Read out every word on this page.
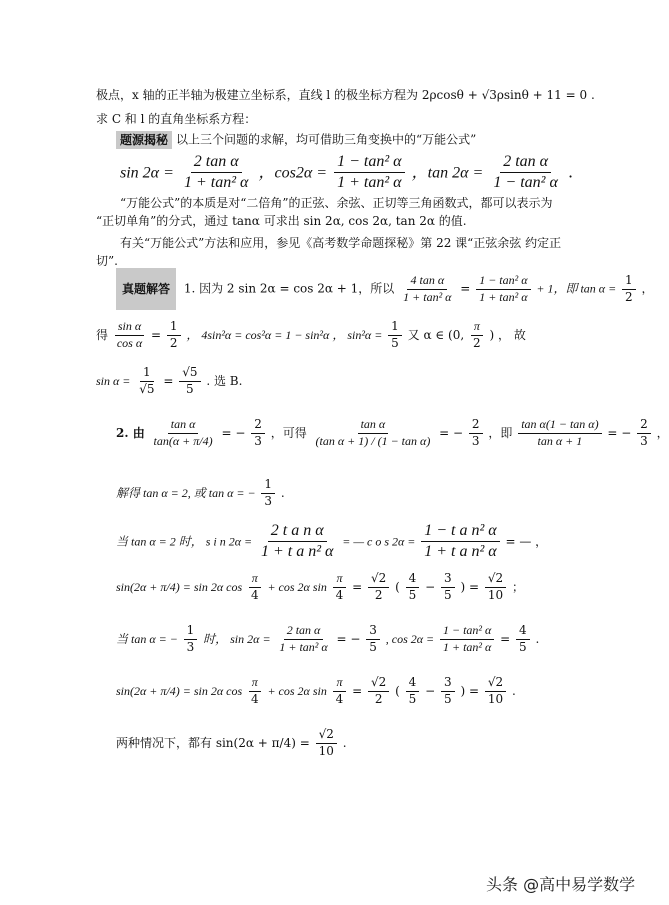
极点，x 轴的正半轴为极建立坐标系，直线 l 的极坐标方程为 2ρcosθ + √3ρsinθ + 11 = 0 .
求 C 和 l 的直角坐标系方程：
题源揭秘 以上三个问题的求解，均可借助三角变换中的“万能公式”
$\sin 2\alpha = \frac{\text{2 tan α}}{\text{1 + tan² α}}$ ，$\cos 2\alpha = \frac{\text{1 − tan² α}}{\text{1 + tan² α}}$ ，$\tan 2\alpha = \frac{\text{2 tan α}}{\text{1 − tan² α}}$ .
“万能公式”的本质是对“二倍角”的正弦、余弦、正切等三角函数式，都可以表示为
“正切单角”的分式，通过 tanα 可求出 sin 2α, cos 2α, tan 2α 的值.
有关“万能公式”方法和应用，参见《高考数学命题探秘》第 22 课“正弦余弦 约定正
切”.
真题解答 1. 因为 2 sin 2α = cos 2α + 1，所以 $\frac{\text{4 tan α}}{\text{1 + tan² α}} = \frac{\text{1 − tan² α}}{\text{1 + tan² α}} + 1$，即 $\tan \alpha = \frac{1}{2}$ ，
得 $\frac{\text{sin α}}{\text{cos α}} = \frac{1}{2}$ ， 4sin²α = cos²α = 1 − sin²α ， $\sin^2\alpha = \frac{1}{5}$ 又 α ∈ (0, $\frac{\pi}{2}$ ) ， 故
$\sin \alpha = \frac{1}{√5} = \frac{√5}{5}$ . 选 B.
2. 由 $\frac{\text{tan α}}{\tan(\alpha + \pi/4)}$ = − $\frac{2}{3}$ ，可得 $\frac{\text{tan α}}{\text{(tan α + 1) / (1 − tan α)}}$ = − $\frac{2}{3}$ ，即 $\frac{\text{tan α(1 − tan α)}}{\text{tan α + 1}}$ = − $\frac{2}{3}$ ，
解得 tan α = 2, 或 tan α = − $\frac{1}{3}$ .
当 tan α = 2 时， s i n $2\alpha = \frac{\text{2 t a n α}}{\text{1 + t a n² α}}$ = — c o s $2\alpha = \frac{\text{1 − t a n² α}}{\text{1 + t a n² α}}$ = — ，
sin(2α + π/4) = sin 2α $\cos \frac{\pi}{4} + \cos 2\alpha$ $\sin \frac{\pi}{4} = \frac{√2}{2}$ ( $\frac{4}{5} - \frac{3}{5}$ ) = $\frac{√2}{10}$ ；
当 tan α = − $\frac{1}{3}$ 时， $\sin 2\alpha = \frac{\text{2 tan α}}{\text{1 + tan² α}}$ = − $\frac{3}{5}$ , $\cos 2\alpha = \frac{\text{1 − tan² α}}{\text{1 + tan² α}} = \frac{4}{5}$ .
sin(2α + π/4) = sin 2α $\cos \frac{\pi}{4} + \cos 2\alpha$ $\sin \frac{\pi}{4} = \frac{√2}{2}$ ( $\frac{4}{5} - \frac{3}{5}$ ) = $\frac{√2}{10}$ .
两种情况下，都有 $\sin(2\alpha + \pi/4) = \frac{√2}{10}$ .
头条 @高中易学数学
